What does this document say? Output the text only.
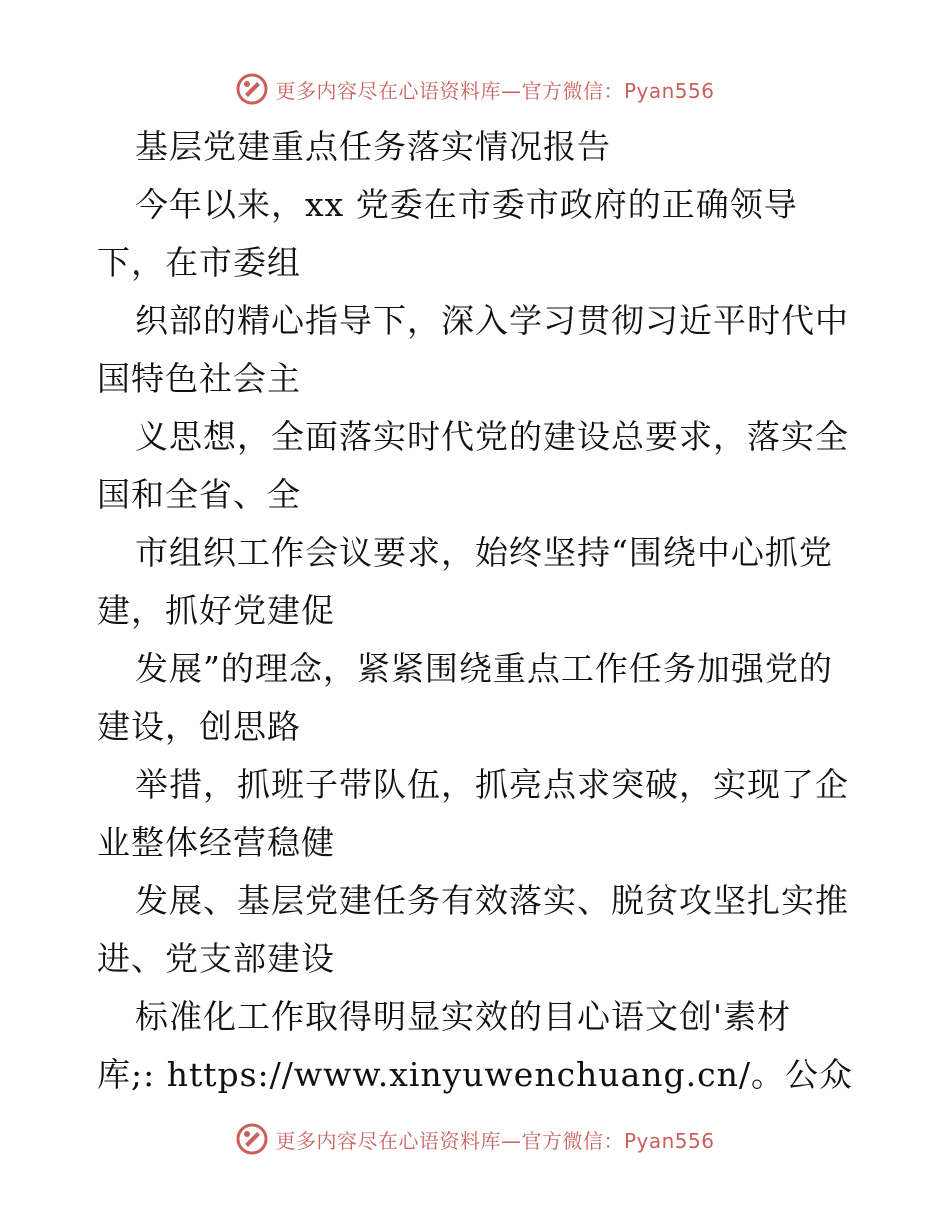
更多内容尽在心语资料库—官方微信：Pyan556
基层党建重点任务落实情况报告
今年以来，xx 党委在市委市政府的正确领导
下，在市委组
织部的精心指导下，深入学习贯彻习近平时代中
国特色社会主
义思想，全面落实时代党的建设总要求，落实全
国和全省、全
市组织工作会议要求，始终坚持“围绕中心抓党
建，抓好党建促
发展”的理念，紧紧围绕重点工作任务加强党的
建设，创思路
举措，抓班子带队伍，抓亮点求突破，实现了企
业整体经营稳健
发展、基层党建任务有效落实、脱贫攻坚扎实推
进、党支部建设
标准化工作取得明显实效的目心语文创'素材
库;: https://www.xinyuwenchuang.cn/。公众
更多内容尽在心语资料库—官方微信：Pyan556
